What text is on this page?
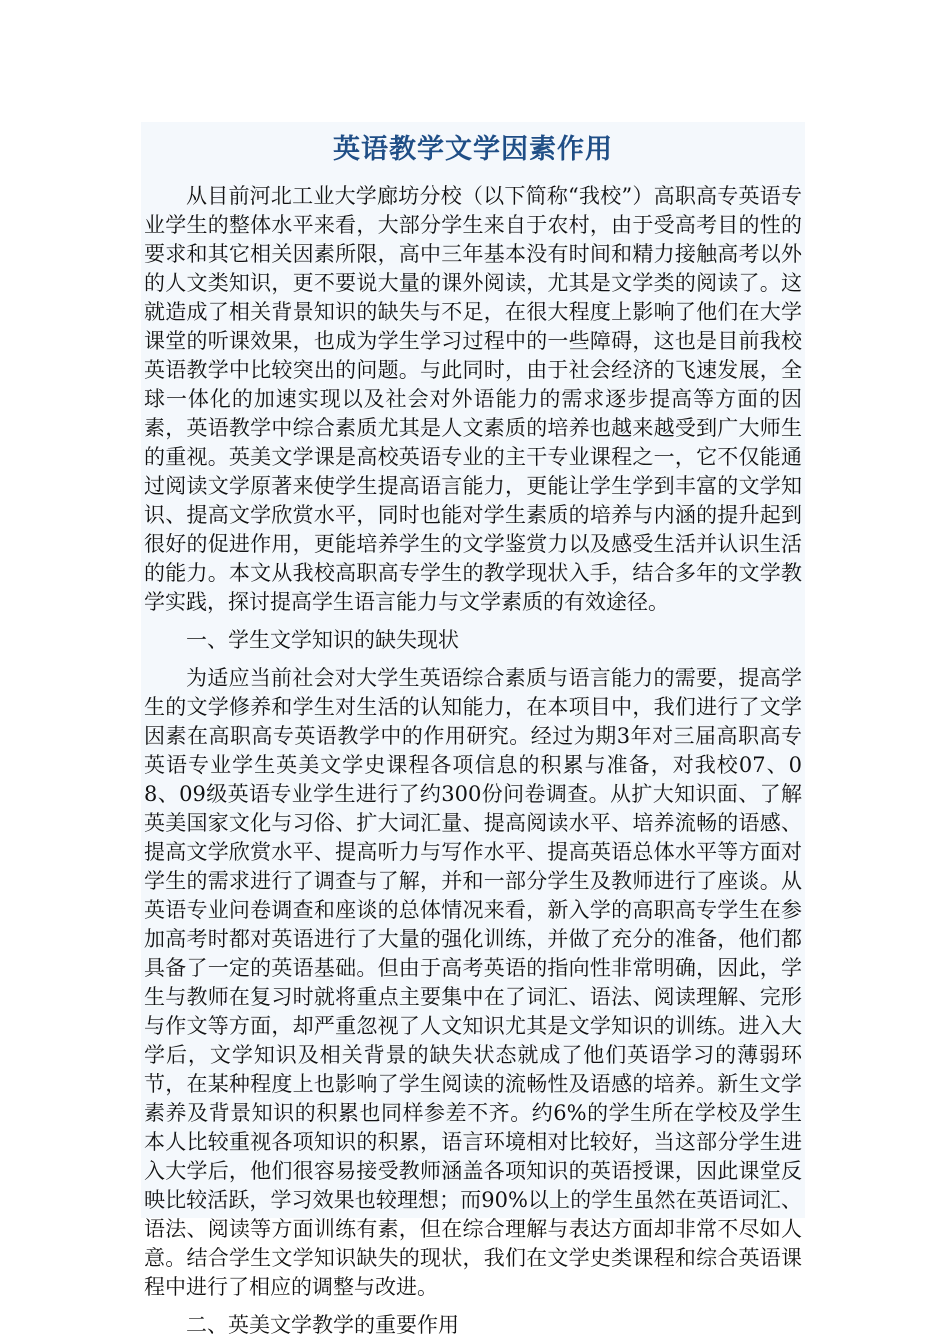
英语教学文学因素作用

从目前河北工业大学廊坊分校（以下简称“我校”）高职高专英语专业学生的整体水平来看，大部分学生来自于农村，由于受高考目的性的要求和其它相关因素所限，高中三年基本没有时间和精力接触高考以外的人文类知识，更不要说大量的课外阅读，尤其是文学类的阅读了。这就造成了相关背景知识的缺失与不足，在很大程度上影响了他们在大学课堂的听课效果，也成为学生学习过程中的一些障碍，这也是目前我校英语教学中比较突出的问题。与此同时，由于社会经济的飞速发展，全球一体化的加速实现以及社会对外语能力的需求逐步提高等方面的因素，英语教学中综合素质尤其是人文素质的培养也越来越受到广大师生的重视。英美文学课是高校英语专业的主干专业课程之一，它不仅能通过阅读文学原著来使学生提高语言能力，更能让学生学到丰富的文学知识、提高文学欣赏水平，同时也能对学生素质的培养与内涵的提升起到很好的促进作用，更能培养学生的文学鉴赏力以及感受生活并认识生活的能力。本文从我校高职高专学生的教学现状入手，结合多年的文学教学实践，探讨提高学生语言能力与文学素质的有效途径。

一、学生文学知识的缺失现状

为适应当前社会对大学生英语综合素质与语言能力的需要，提高学生的文学修养和学生对生活的认知能力，在本项目中，我们进行了文学因素在高职高专英语教学中的作用研究。经过为期3年对三届高职高专英语专业学生英美文学史课程各项信息的积累与准备，对我校07、08、09级英语专业学生进行了约300份问卷调查。从扩大知识面、了解英美国家文化与习俗、扩大词汇量、提高阅读水平、培养流畅的语感、提高文学欣赏水平、提高听力与写作水平、提高英语总体水平等方面对学生的需求进行了调查与了解，并和一部分学生及教师进行了座谈。从英语专业问卷调查和座谈的总体情况来看，新入学的高职高专学生在参加高考时都对英语进行了大量的强化训练，并做了充分的准备，他们都具备了一定的英语基础。但由于高考英语的指向性非常明确，因此，学生与教师在复习时就将重点主要集中在了词汇、语法、阅读理解、完形与作文等方面，却严重忽视了人文知识尤其是文学知识的训练。进入大学后，文学知识及相关背景的缺失状态就成了他们英语学习的薄弱环节，在某种程度上也影响了学生阅读的流畅性及语感的培养。新生文学素养及背景知识的积累也同样参差不齐。约6%的学生所在学校及学生本人比较重视各项知识的积累，语言环境相对比较好，当这部分学生进入大学后，他们很容易接受教师涵盖各项知识的英语授课，因此课堂反映比较活跃，学习效果也较理想；而90%以上的学生虽然在英语词汇、语法、阅读等方面训练有素，但在综合理解与表达方面却非常不尽如人意。结合学生文学知识缺失的现状，我们在文学史类课程和综合英语课程中进行了相应的调整与改进。

二、英美文学教学的重要作用
